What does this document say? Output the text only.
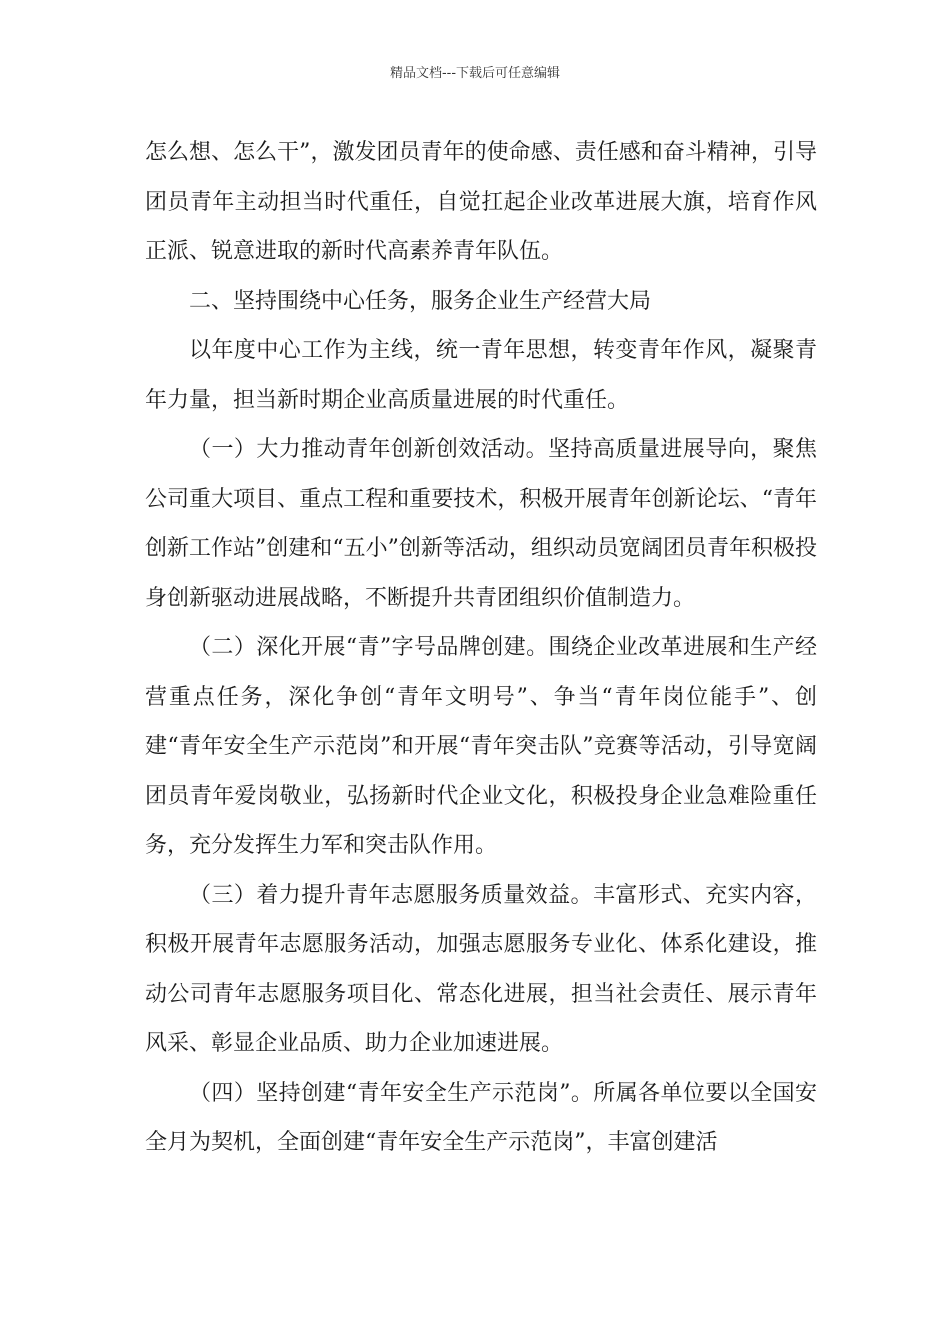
精品文档---下载后可任意编辑

怎么想、怎么干”，激发团员青年的使命感、责任感和奋斗精神，引导团员青年主动担当时代重任，自觉扛起企业改革进展大旗，培育作风正派、锐意进取的新时代高素养青年队伍。

二、坚持围绕中心任务，服务企业生产经营大局

以年度中心工作为主线，统一青年思想，转变青年作风，凝聚青年力量，担当新时期企业高质量进展的时代重任。

（一）大力推动青年创新创效活动。坚持高质量进展导向，聚焦公司重大项目、重点工程和重要技术，积极开展青年创新论坛、“青年创新工作站”创建和“五小”创新等活动，组织动员宽阔团员青年积极投身创新驱动进展战略，不断提升共青团组织价值制造力。

（二）深化开展“青”字号品牌创建。围绕企业改革进展和生产经营重点任务，深化争创“青年文明号”、争当“青年岗位能手”、创建“青年安全生产示范岗”和开展“青年突击队”竞赛等活动，引导宽阔团员青年爱岗敬业，弘扬新时代企业文化，积极投身企业急难险重任务，充分发挥生力军和突击队作用。

（三）着力提升青年志愿服务质量效益。丰富形式、充实内容，积极开展青年志愿服务活动，加强志愿服务专业化、体系化建设，推动公司青年志愿服务项目化、常态化进展，担当社会责任、展示青年风采、彰显企业品质、助力企业加速进展。

（四）坚持创建“青年安全生产示范岗”。所属各单位要以全国安全月为契机，全面创建“青年安全生产示范岗”，丰富创建活
